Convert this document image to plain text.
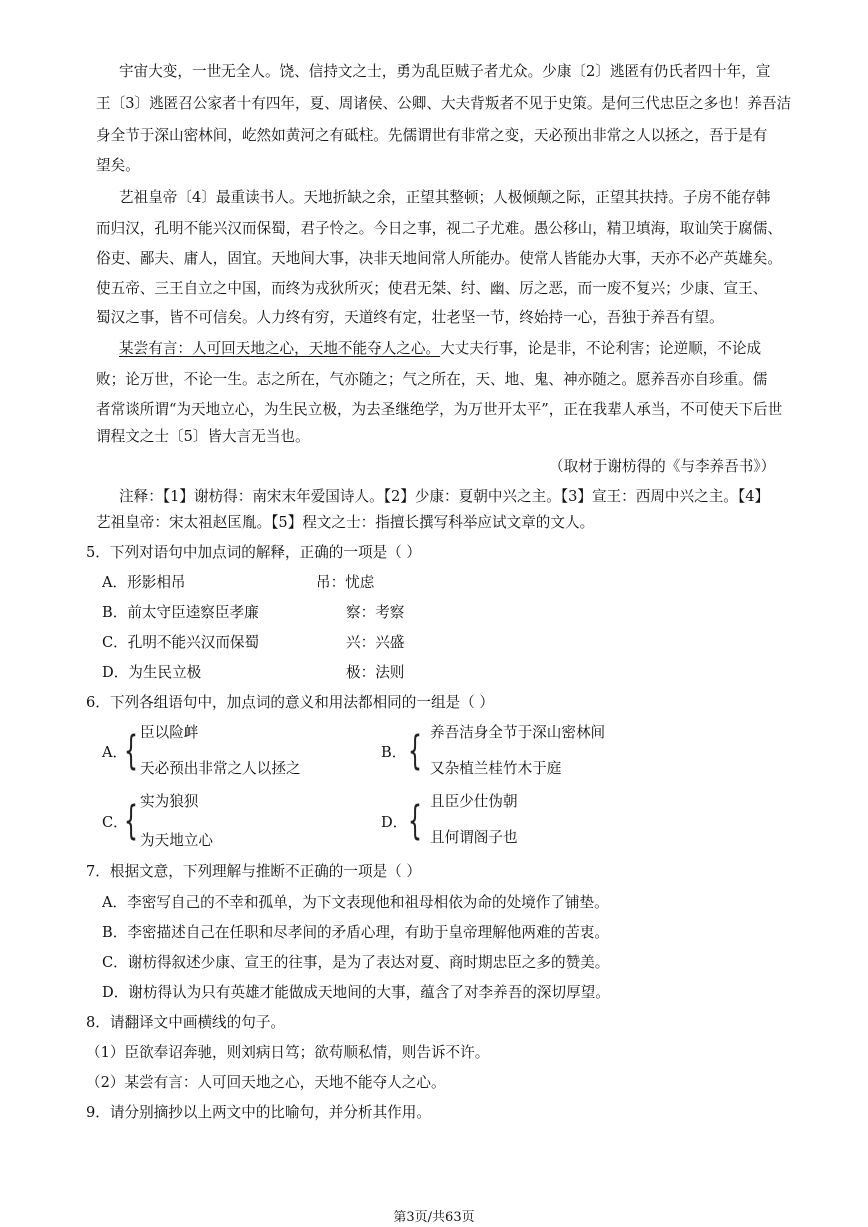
宇宙大变，一世无全人。饶、信持文之士，勇为乱臣贼子者尤众。少康〔2〕逃匿有仍氏者四十年，宣
王〔3〕逃匿召公家者十有四年，夏、周诸侯、公卿、大夫背叛者不见于史策。是何三代忠臣之多也！养吾洁
身全节于深山密林间，屹然如黄河之有砥柱。先儒谓世有非常之变，天必预出非常之人以拯之，吾于是有
望矣。
艺祖皇帝〔4〕最重读书人。天地折缺之余，正望其整顿；人极倾颠之际，正望其扶持。子房不能存韩
而归汉，孔明不能兴汉而保蜀，君子怜之。今日之事，视二子尤难。愚公移山，精卫填海，取讪笑于腐儒、
俗吏、鄙夫、庸人，固宜。天地间大事，决非天地间常人所能办。使常人皆能办大事，天亦不必产英雄矣。
使五帝、三王自立之中国，而终为戎狄所灭；使君无桀、纣、幽、厉之恶，而一废不复兴；少康、宣王、
蜀汉之事，皆不可信矣。人力终有穷，天道终有定，壮老坚一节，终始持一心，吾独于养吾有望。
某尝有言：人可回天地之心，天地不能夺人之心。大丈夫行事，论是非，不论利害；论逆顺，不论成
败；论万世，不论一生。志之所在，气亦随之；气之所在，天、地、鬼、神亦随之。愿养吾亦自珍重。儒
者常谈所谓“为天地立心，为生民立极，为去圣继绝学，为万世开太平”，正在我辈人承当，不可使天下后世
谓程文之士〔5〕皆大言无当也。
（取材于谢枋得的《与李养吾书》）
注释：【1】谢枋得：南宋末年爱国诗人。【2】少康：夏朝中兴之主。【3】宣王：西周中兴之主。【4】
艺祖皇帝：宋太祖赵匡胤。【5】程文之士：指擅长撰写科举应试文章的文人。
5．下列对语句中加点词的解释，正确的一项是（ ）
A．形影相吊	吊：忧虑
B．前太守臣逵察臣孝廉	察：考察
C．孔明不能兴汉而保蜀	兴：兴盛
D．为生民立极	极：法则
6．下列各组语句中，加点词的意义和用法都相同的一组是（ ）
A．
{ 臣以险衅
天必预出非常之人以拯之
B． { 养吾洁身全节于深山密林间
又杂植兰桂竹木于庭
C．
{ 实为狼狈
为天地立心
D． { 且臣少仕伪朝
且何谓阁子也
7．根据文意，下列理解与推断不正确的一项是（ ）
A．李密写自己的不幸和孤单，为下文表现他和祖母相依为命的处境作了铺垫。
B．李密描述自己在任职和尽孝间的矛盾心理，有助于皇帝理解他两难的苦衷。
C．谢枋得叙述少康、宣王的往事，是为了表达对夏、商时期忠臣之多的赞美。
D．谢枋得认为只有英雄才能做成天地间的大事，蕴含了对李养吾的深切厚望。
8．请翻译文中画横线的句子。
（1）臣欲奉诏奔驰，则刘病日笃；欲苟顺私情，则告诉不许。
（2）某尝有言：人可回天地之心，天地不能夺人之心。
9．请分别摘抄以上两文中的比喻句，并分析其作用。
第3页/共63页
